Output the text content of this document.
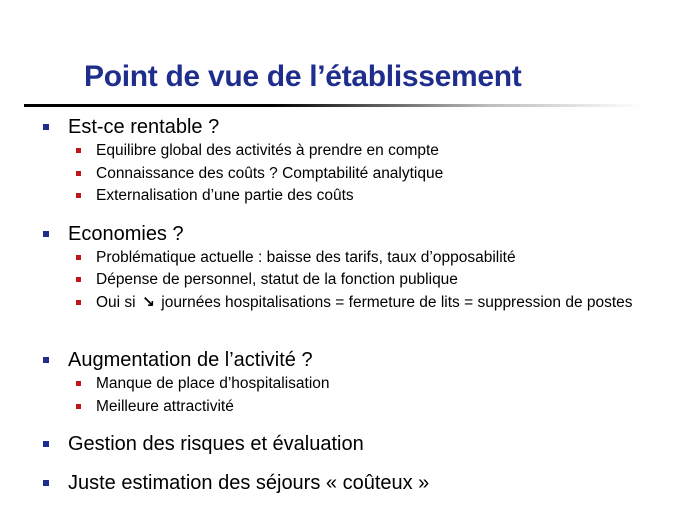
Point de vue de l’établissement
Est-ce rentable ?
Equilibre global des activités à prendre en compte
Connaissance des coûts ? Comptabilité analytique
Externalisation d’une partie des coûts
Economies ?
Problématique actuelle : baisse des tarifs, taux d’opposabilité
Dépense de personnel, statut de la fonction publique
Oui si ↘ journées hospitalisations = fermeture de lits = suppression de postes
Augmentation de l’activité ?
Manque de place d’hospitalisation
Meilleure attractivité
Gestion des risques et évaluation
Juste estimation des séjours « coûteux »
